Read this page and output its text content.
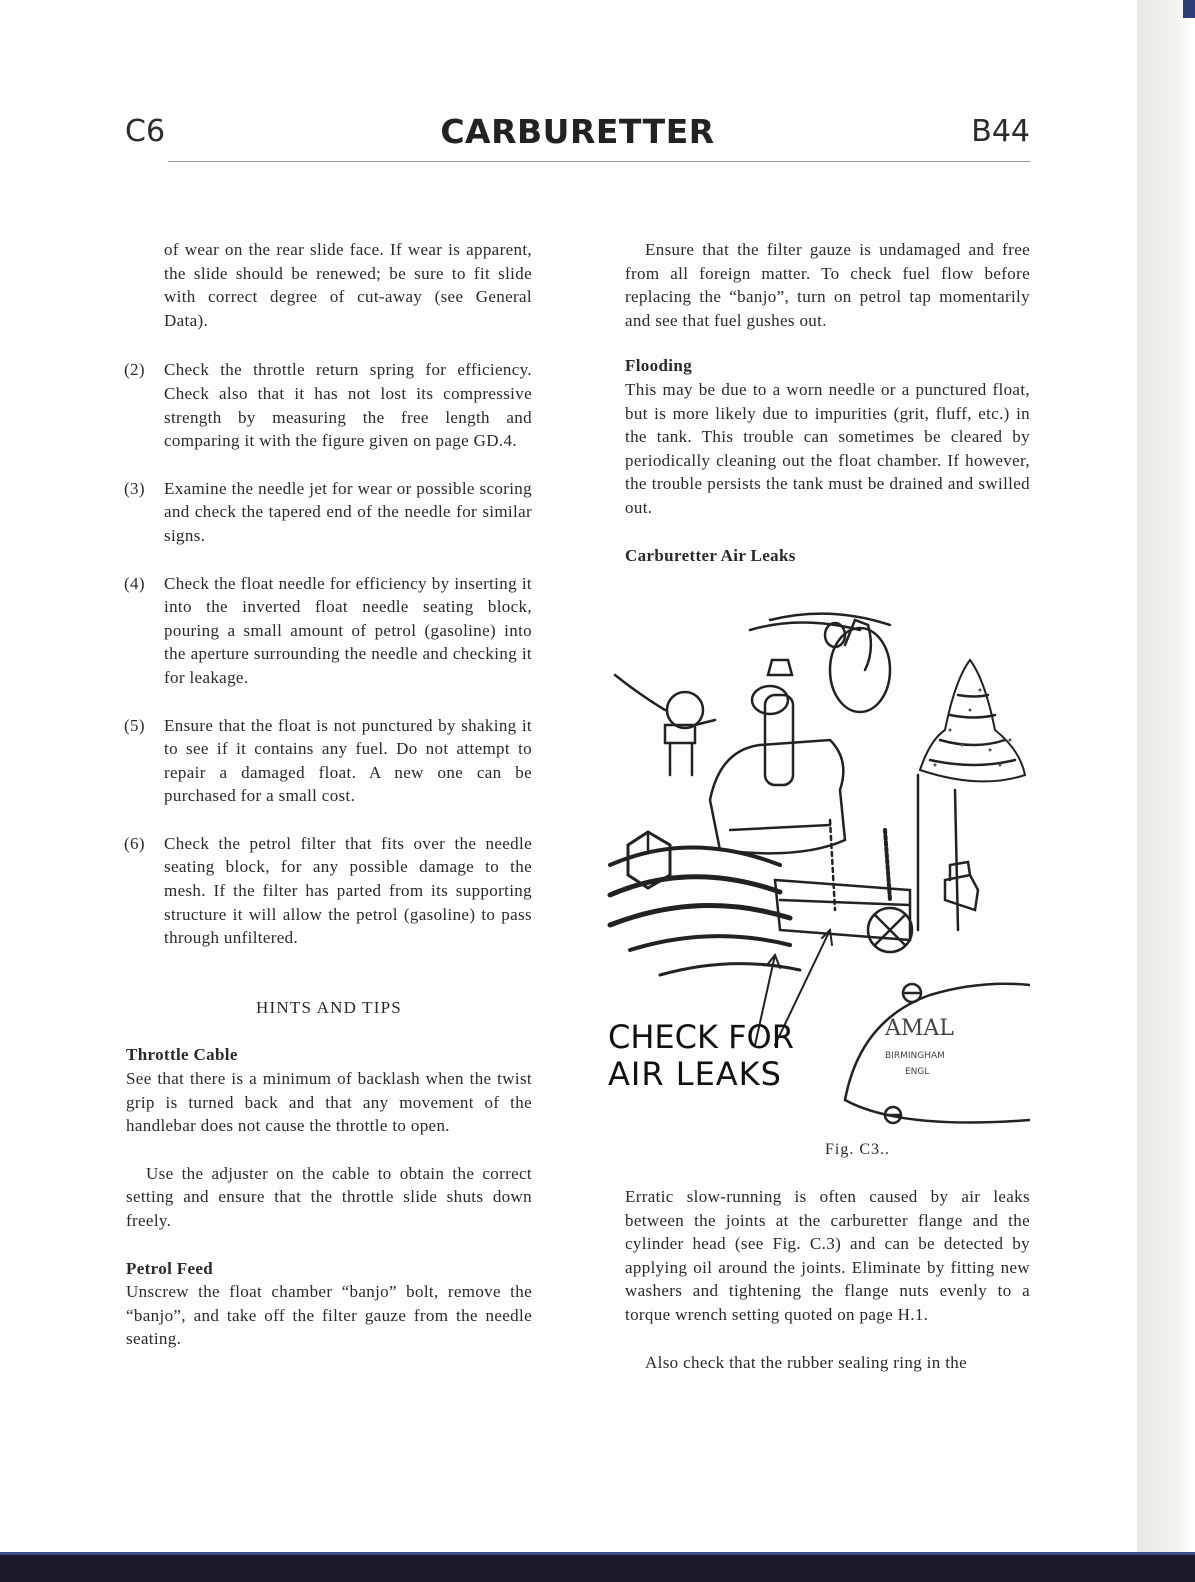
C6	CARBURETTER	B44

of wear on the rear slide face. If wear is apparent, the slide should be renewed; be sure to fit slide with correct degree of cut-away (see General Data).

(2) Check the throttle return spring for efficiency. Check also that it has not lost its compressive strength by measuring the free length and comparing it with the figure given on page GD.4.

(3) Examine the needle jet for wear or possible scoring and check the tapered end of the needle for similar signs.

(4) Check the float needle for efficiency by inserting it into the inverted float needle seating block, pouring a small amount of petrol (gasoline) into the aperture surrounding the needle and checking it for leakage.

(5) Ensure that the float is not punctured by shaking it to see if it contains any fuel. Do not attempt to repair a damaged float. A new one can be purchased for a small cost.

(6) Check the petrol filter that fits over the needle seating block, for any possible damage to the mesh. If the filter has parted from its supporting structure it will allow the petrol (gasoline) to pass through unfiltered.

HINTS AND TIPS

Throttle Cable

See that there is a minimum of backlash when the twist grip is turned back and that any movement of the handlebar does not cause the throttle to open.

Use the adjuster on the cable to obtain the correct setting and ensure that the throttle slide shuts down freely.

Petrol Feed

Unscrew the float chamber “banjo” bolt, remove the “banjo”, and take off the filter gauze from the needle seating.

Ensure that the filter gauze is undamaged and free from all foreign matter. To check fuel flow before replacing the “banjo”, turn on petrol tap momentarily and see that fuel gushes out.

Flooding

This may be due to a worn needle or a punctured float, but is more likely due to impurities (grit, fluff, etc.) in the tank. This trouble can sometimes be cleared by periodically cleaning out the float chamber. If however, the trouble persists the tank must be drained and swilled out.

Carburetter Air Leaks

CHECK FOR
AIR LEAKS
AMAL
BIRMINGHAM
ENGL
Fig. C3..

Erratic slow-running is often caused by air leaks between the joints at the carburetter flange and the cylinder head (see Fig. C.3) and can be detected by applying oil around the joints. Eliminate by fitting new washers and tightening the flange nuts evenly to a torque wrench setting quoted on page H.1.

Also check that the rubber sealing ring in the
